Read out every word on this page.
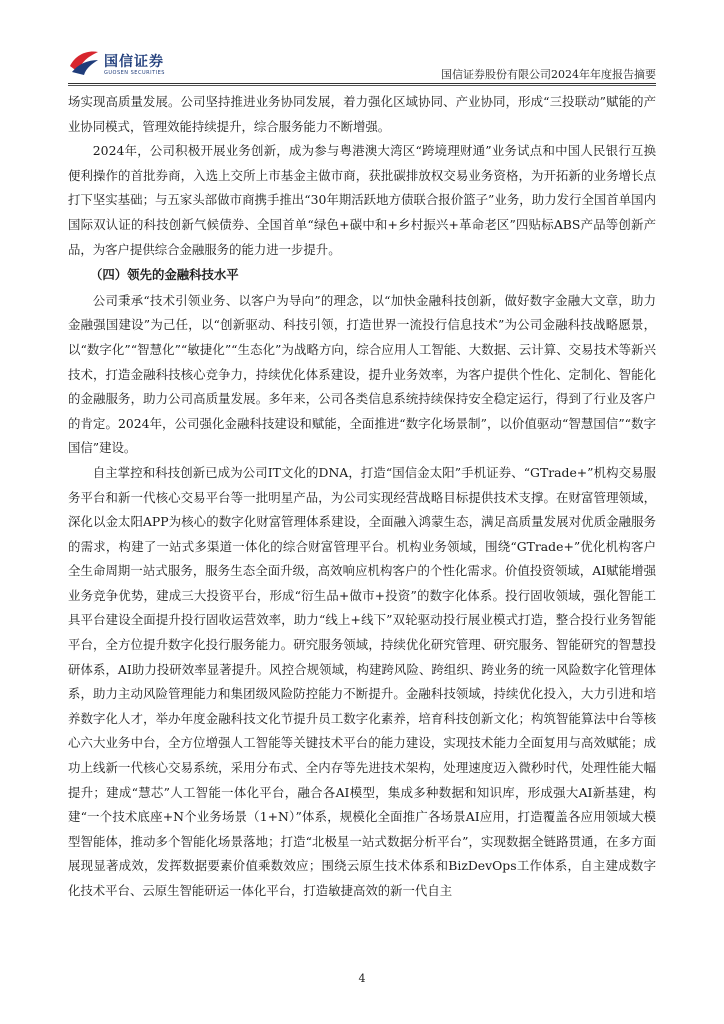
国信证券
GUOSEN SECURITIES	国信证券股份有限公司2024年年度报告摘要

场实现高质量发展。公司坚持推进业务协同发展，着力强化区域协同、产业协同，形成“三投联动”赋能的产业协同模式，管理效能持续提升，综合服务能力不断增强。

2024年，公司积极开展业务创新，成为参与粤港澳大湾区“跨境理财通”业务试点和中国人民银行互换便利操作的首批券商，入选上交所上市基金主做市商，获批碳排放权交易业务资格，为开拓新的业务增长点打下坚实基础；与五家头部做市商携手推出“30年期活跃地方债联合报价篮子”业务，助力发行全国首单国内国际双认证的科技创新气候债券、全国首单“绿色+碳中和+乡村振兴+革命老区”四贴标ABS产品等创新产品，为客户提供综合金融服务的能力进一步提升。

（四）领先的金融科技水平

公司秉承“技术引领业务、以客户为导向”的理念，以“加快金融科技创新，做好数字金融大文章，助力金融强国建设”为己任，以“创新驱动、科技引领，打造世界一流投行信息技术”为公司金融科技战略愿景，以“数字化”“智慧化”“敏捷化”“生态化”为战略方向，综合应用人工智能、大数据、云计算、交易技术等新兴技术，打造金融科技核心竞争力，持续优化体系建设，提升业务效率，为客户提供个性化、定制化、智能化的金融服务，助力公司高质量发展。多年来，公司各类信息系统持续保持安全稳定运行，得到了行业及客户的肯定。2024年，公司强化金融科技建设和赋能，全面推进“数字化场景制”，以价值驱动“智慧国信”“数字国信”建设。

自主掌控和科技创新已成为公司IT文化的DNA，打造“国信金太阳”手机证券、“GTrade+”机构交易服务平台和新一代核心交易平台等一批明星产品，为公司实现经营战略目标提供技术支撑。在财富管理领域，深化以金太阳APP为核心的数字化财富管理体系建设，全面融入鸿蒙生态，满足高质量发展对优质金融服务的需求，构建了一站式多渠道一体化的综合财富管理平台。机构业务领域，围绕“GTrade+”优化机构客户全生命周期一站式服务，服务生态全面升级，高效响应机构客户的个性化需求。价值投资领域，AI赋能增强业务竞争优势，建成三大投资平台，形成“衍生品+做市+投资”的数字化体系。投行固收领域，强化智能工具平台建设全面提升投行固收运营效率，助力“线上+线下”双轮驱动投行展业模式打造，整合投行业务智能平台，全方位提升数字化投行服务能力。研究服务领域，持续优化研究管理、研究服务、智能研究的智慧投研体系，AI助力投研效率显著提升。风控合规领域，构建跨风险、跨组织、跨业务的统一风险数字化管理体系，助力主动风险管理能力和集团级风险防控能力不断提升。金融科技领域，持续优化投入，大力引进和培养数字化人才，举办年度金融科技文化节提升员工数字化素养，培育科技创新文化；构筑智能算法中台等核心六大业务中台，全方位增强人工智能等关键技术平台的能力建设，实现技术能力全面复用与高效赋能；成功上线新一代核心交易系统，采用分布式、全内存等先进技术架构，处理速度迈入微秒时代，处理性能大幅提升；建成“慧芯”人工智能一体化平台，融合各AI模型，集成多种数据和知识库，形成强大AI新基建，构建“一个技术底座+N个业务场景（1+N）”体系，规模化全面推广各场景AI应用，打造覆盖各应用领域大模型智能体，推动多个智能化场景落地；打造“北极星一站式数据分析平台”，实现数据全链路贯通，在多方面展现显著成效，发挥数据要素价值乘数效应；围绕云原生技术体系和BizDevOps工作体系，自主建成数字化技术平台、云原生智能研运一体化平台，打造敏捷高效的新一代自主

4
